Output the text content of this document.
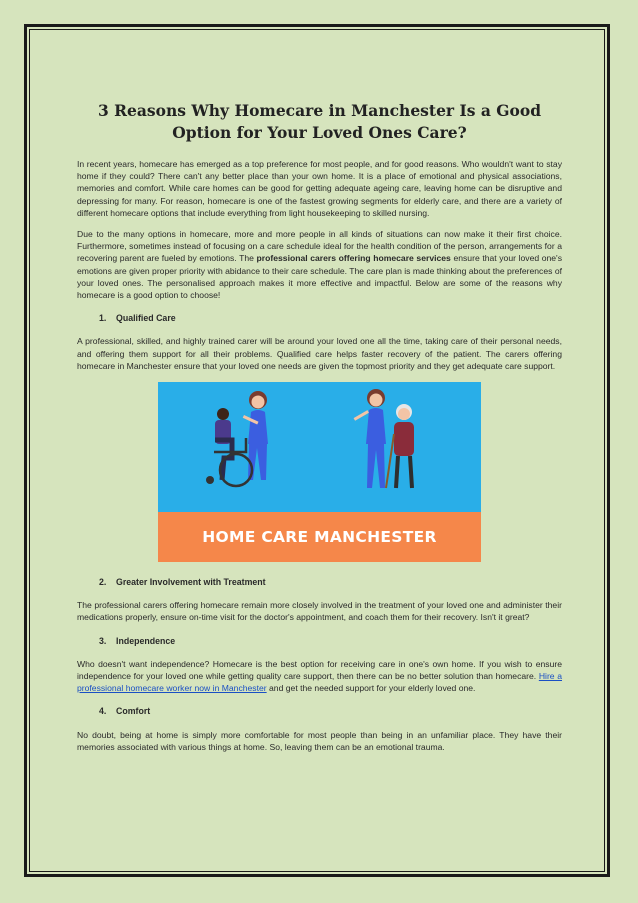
3 Reasons Why Homecare in Manchester Is a Good Option for Your Loved Ones Care?

In recent years, homecare has emerged as a top preference for most people, and for good reasons. Who wouldn't want to stay home if they could? There can't any better place than your own home. It is a place of emotional and physical associations, memories and comfort. While care homes can be good for getting adequate ageing care, leaving home can be disruptive and depressing for many. For reason, homecare is one of the fastest growing segments for elderly care, and there are a variety of different homecare options that include everything from light housekeeping to skilled nursing.

Due to the many options in homecare, more and more people in all kinds of situations can now make it their first choice. Furthermore, sometimes instead of focusing on a care schedule ideal for the health condition of the person, arrangements for a recovering parent are fueled by emotions. The professional carers offering homecare services ensure that your loved one's emotions are given proper priority with abidance to their care schedule. The care plan is made thinking about the preferences of your loved ones. The personalised approach makes it more effective and impactful. Below are some of the reasons why homecare is a good option to choose!

1. Qualified Care

A professional, skilled, and highly trained carer will be around your loved one all the time, taking care of their personal needs, and offering them support for all their problems. Qualified care helps faster recovery of the patient. The carers offering homecare in Manchester ensure that your loved one needs are given the topmost priority and they get adequate care support.

HOME CARE MANCHESTER
2. Greater Involvement with Treatment

The professional carers offering homecare remain more closely involved in the treatment of your loved one and administer their medications properly, ensure on-time visit for the doctor's appointment, and coach them for their recovery. Isn't it great?

3. Independence

Who doesn't want independence? Homecare is the best option for receiving care in one's own home. If you wish to ensure independence for your loved one while getting quality care support, then there can be no better solution than homecare. Hire a professional homecare worker now in Manchester and get the needed support for your elderly loved one.

4. Comfort

No doubt, being at home is simply more comfortable for most people than being in an unfamiliar place. They have their memories associated with various things at home. So, leaving them can be an emotional trauma.
